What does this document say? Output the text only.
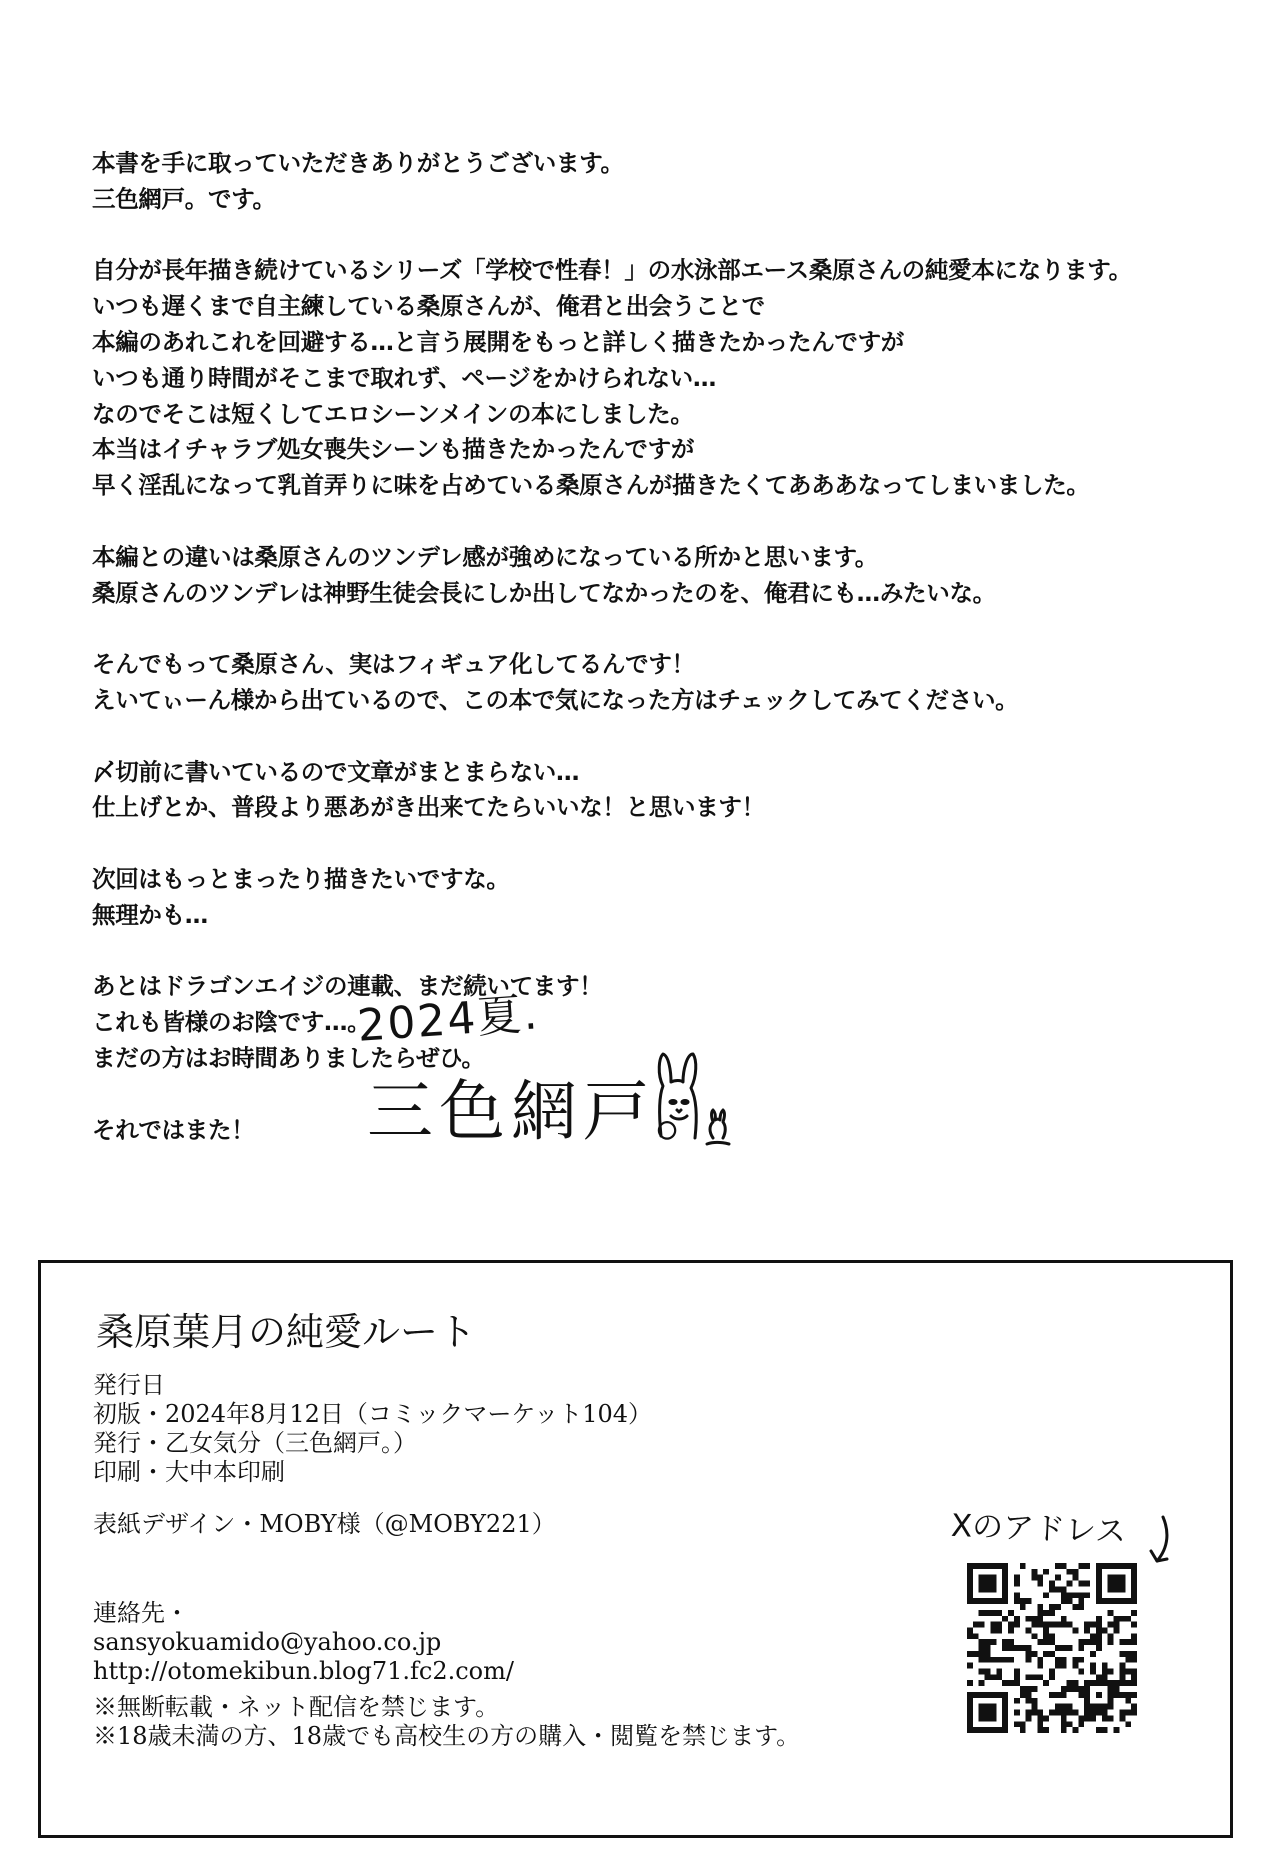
本書を手に取っていただきありがとうございます。
三色網戸。です。
自分が長年描き続けているシリーズ「学校で性春！」の水泳部エース桑原さんの純愛本になります。
いつも遅くまで自主練している桑原さんが、俺君と出会うことで
本編のあれこれを回避する…と言う展開をもっと詳しく描きたかったんですが
いつも通り時間がそこまで取れず、ページをかけられない…
なのでそこは短くしてエロシーンメインの本にしました。
本当はイチャラブ処女喪失シーンも描きたかったんですが
早く淫乱になって乳首弄りに味を占めている桑原さんが描きたくてあああなってしまいました。
本編との違いは桑原さんのツンデレ感が強めになっている所かと思います。
桑原さんのツンデレは神野生徒会長にしか出してなかったのを、俺君にも…みたいな。
そんでもって桑原さん、実はフィギュア化してるんです！
えいてぃーん様から出ているので、この本で気になった方はチェックしてみてください。
〆切前に書いているので文章がまとまらない…
仕上げとか、普段より悪あがき出来てたらいいな！と思います！
次回はもっとまったり描きたいですな。
無理かも…
あとはドラゴンエイジの連載、まだ続いてます！
これも皆様のお陰です…。
まだの方はお時間ありましたらぜひ。
それではまた！
2024夏.
三色網戸。
桑原葉月の純愛ルート
発行日
初版・2024年8月12日（コミックマーケット104）
発行・乙女気分（三色網戸。）
印刷・大中本印刷
表紙デザイン・MOBY様（@MOBY221）
連絡先・
sansyokuamido@yahoo.co.jp
http://otomekibun.blog71.fc2.com/
※無断転載・ネット配信を禁じます。
※18歳未満の方、18歳でも高校生の方の購入・閲覧を禁じます。
Xのアドレス
